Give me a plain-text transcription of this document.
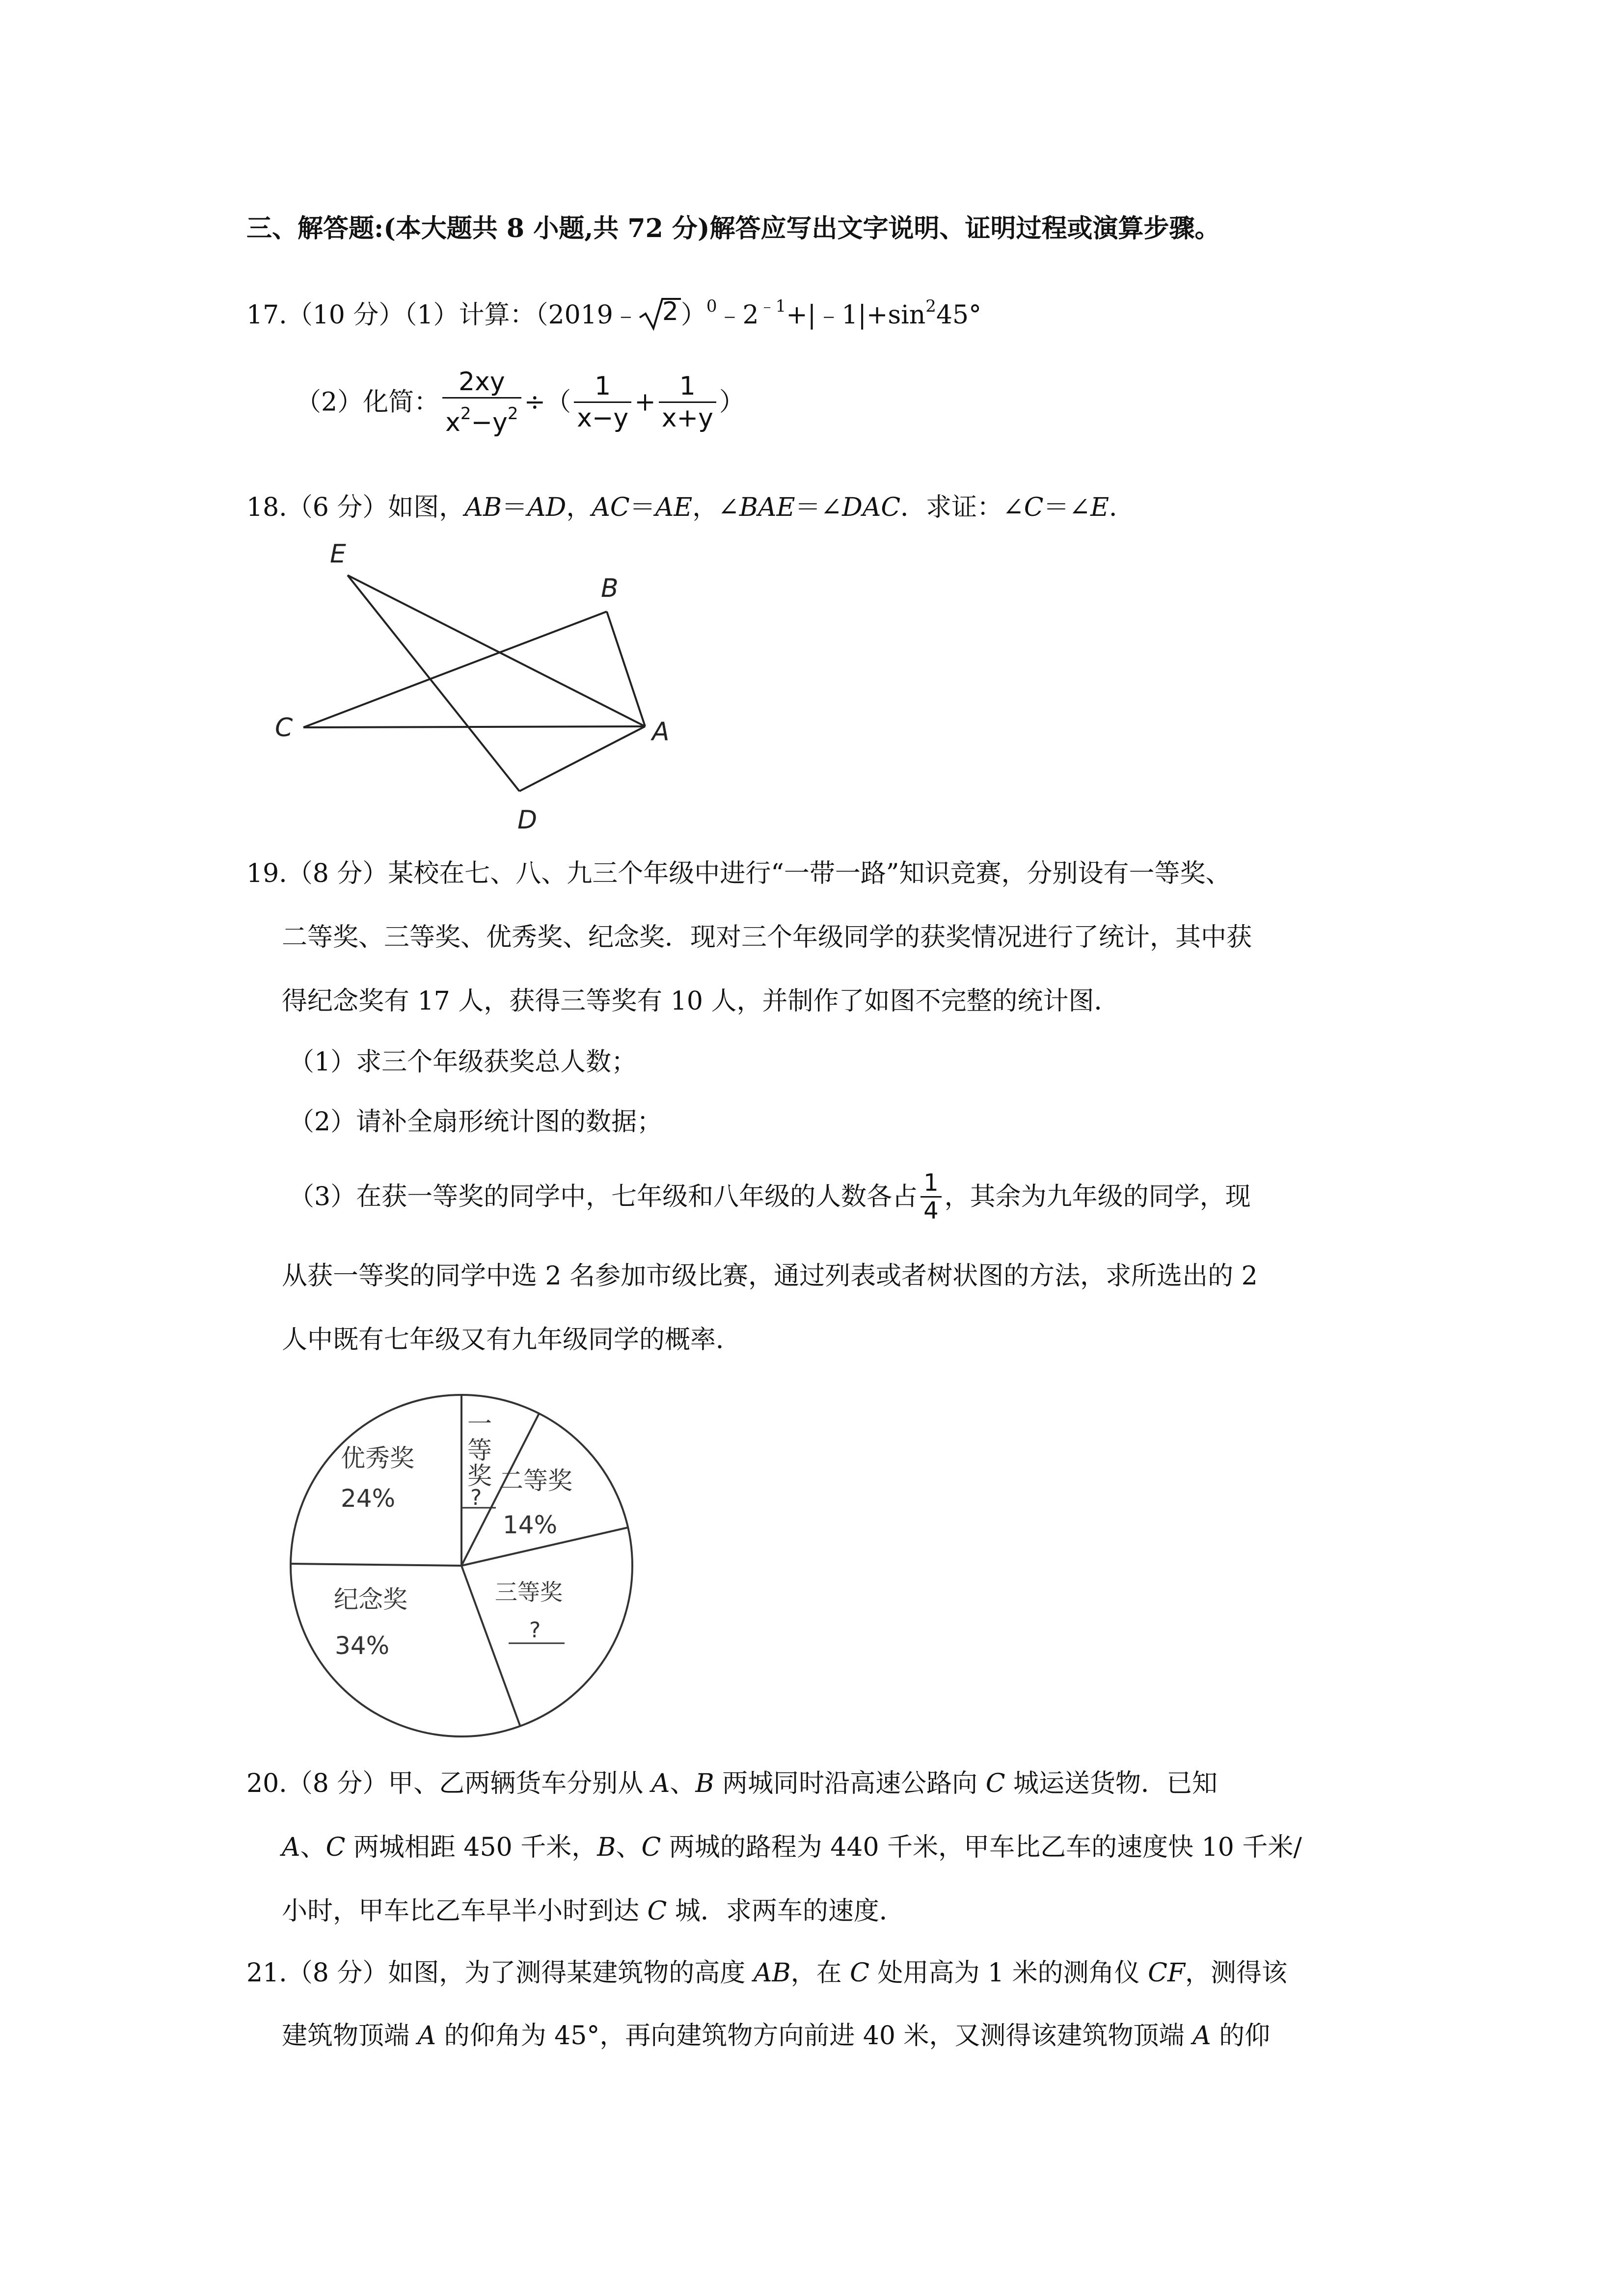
三、解答题:(本大题共 8 小题,共 72 分)解答应写出文字说明、证明过程或演算步骤。
17.（10 分）（1）计算：（2019﹣ 2 ）$^0﹣2^{﹣1}+|﹣1|+\sin^245^\circ$
（2）化简： $\frac{2xy}{x^2-y^2}$ ÷（ $\frac{1}{x-y} + \frac{1}{x+y}$ ）
18.（6 分）如图，AB＝AD，AC＝AE，∠BAE＝∠DAC．求证：∠C＝∠E．
E
B
C	A
D
19.（8 分）某校在七、八、九三个年级中进行“一带一路”知识竞赛，分别设有一等奖、
二等奖、三等奖、优秀奖、纪念奖．现对三个年级同学的获奖情况进行了统计，其中获
得纪念奖有 17 人，获得三等奖有 10 人，并制作了如图不完整的统计图．
（1）求三个年级获奖总人数；
（2）请补全扇形统计图的数据；
（3）在获一等奖的同学中，七年级和八年级的人数各占 $\frac{1}{4}$ ，其余为九年级的同学，现
从获一等奖的同学中选 2 名参加市级比赛，通过列表或者树状图的方法，求所选出的 2
人中既有七年级又有九年级同学的概率．
优秀奖
24%
一
等
奖
?
二等奖
14%
三等奖
?
纪念奖
34%
20.（8 分）甲、乙两辆货车分别从 A、B 两城同时沿高速公路向 C 城运送货物．已知
A、C 两城相距 450 千米，B、C 两城的路程为 440 千米，甲车比乙车的速度快 10 千米/
小时，甲车比乙车早半小时到达 C 城．求两车的速度．
21.（8 分）如图，为了测得某建筑物的高度 AB，在 C 处用高为 1 米的测角仪 CF，测得该
建筑物顶端 A 的仰角为 45°，再向建筑物方向前进 40 米，又测得该建筑物顶端 A 的仰
